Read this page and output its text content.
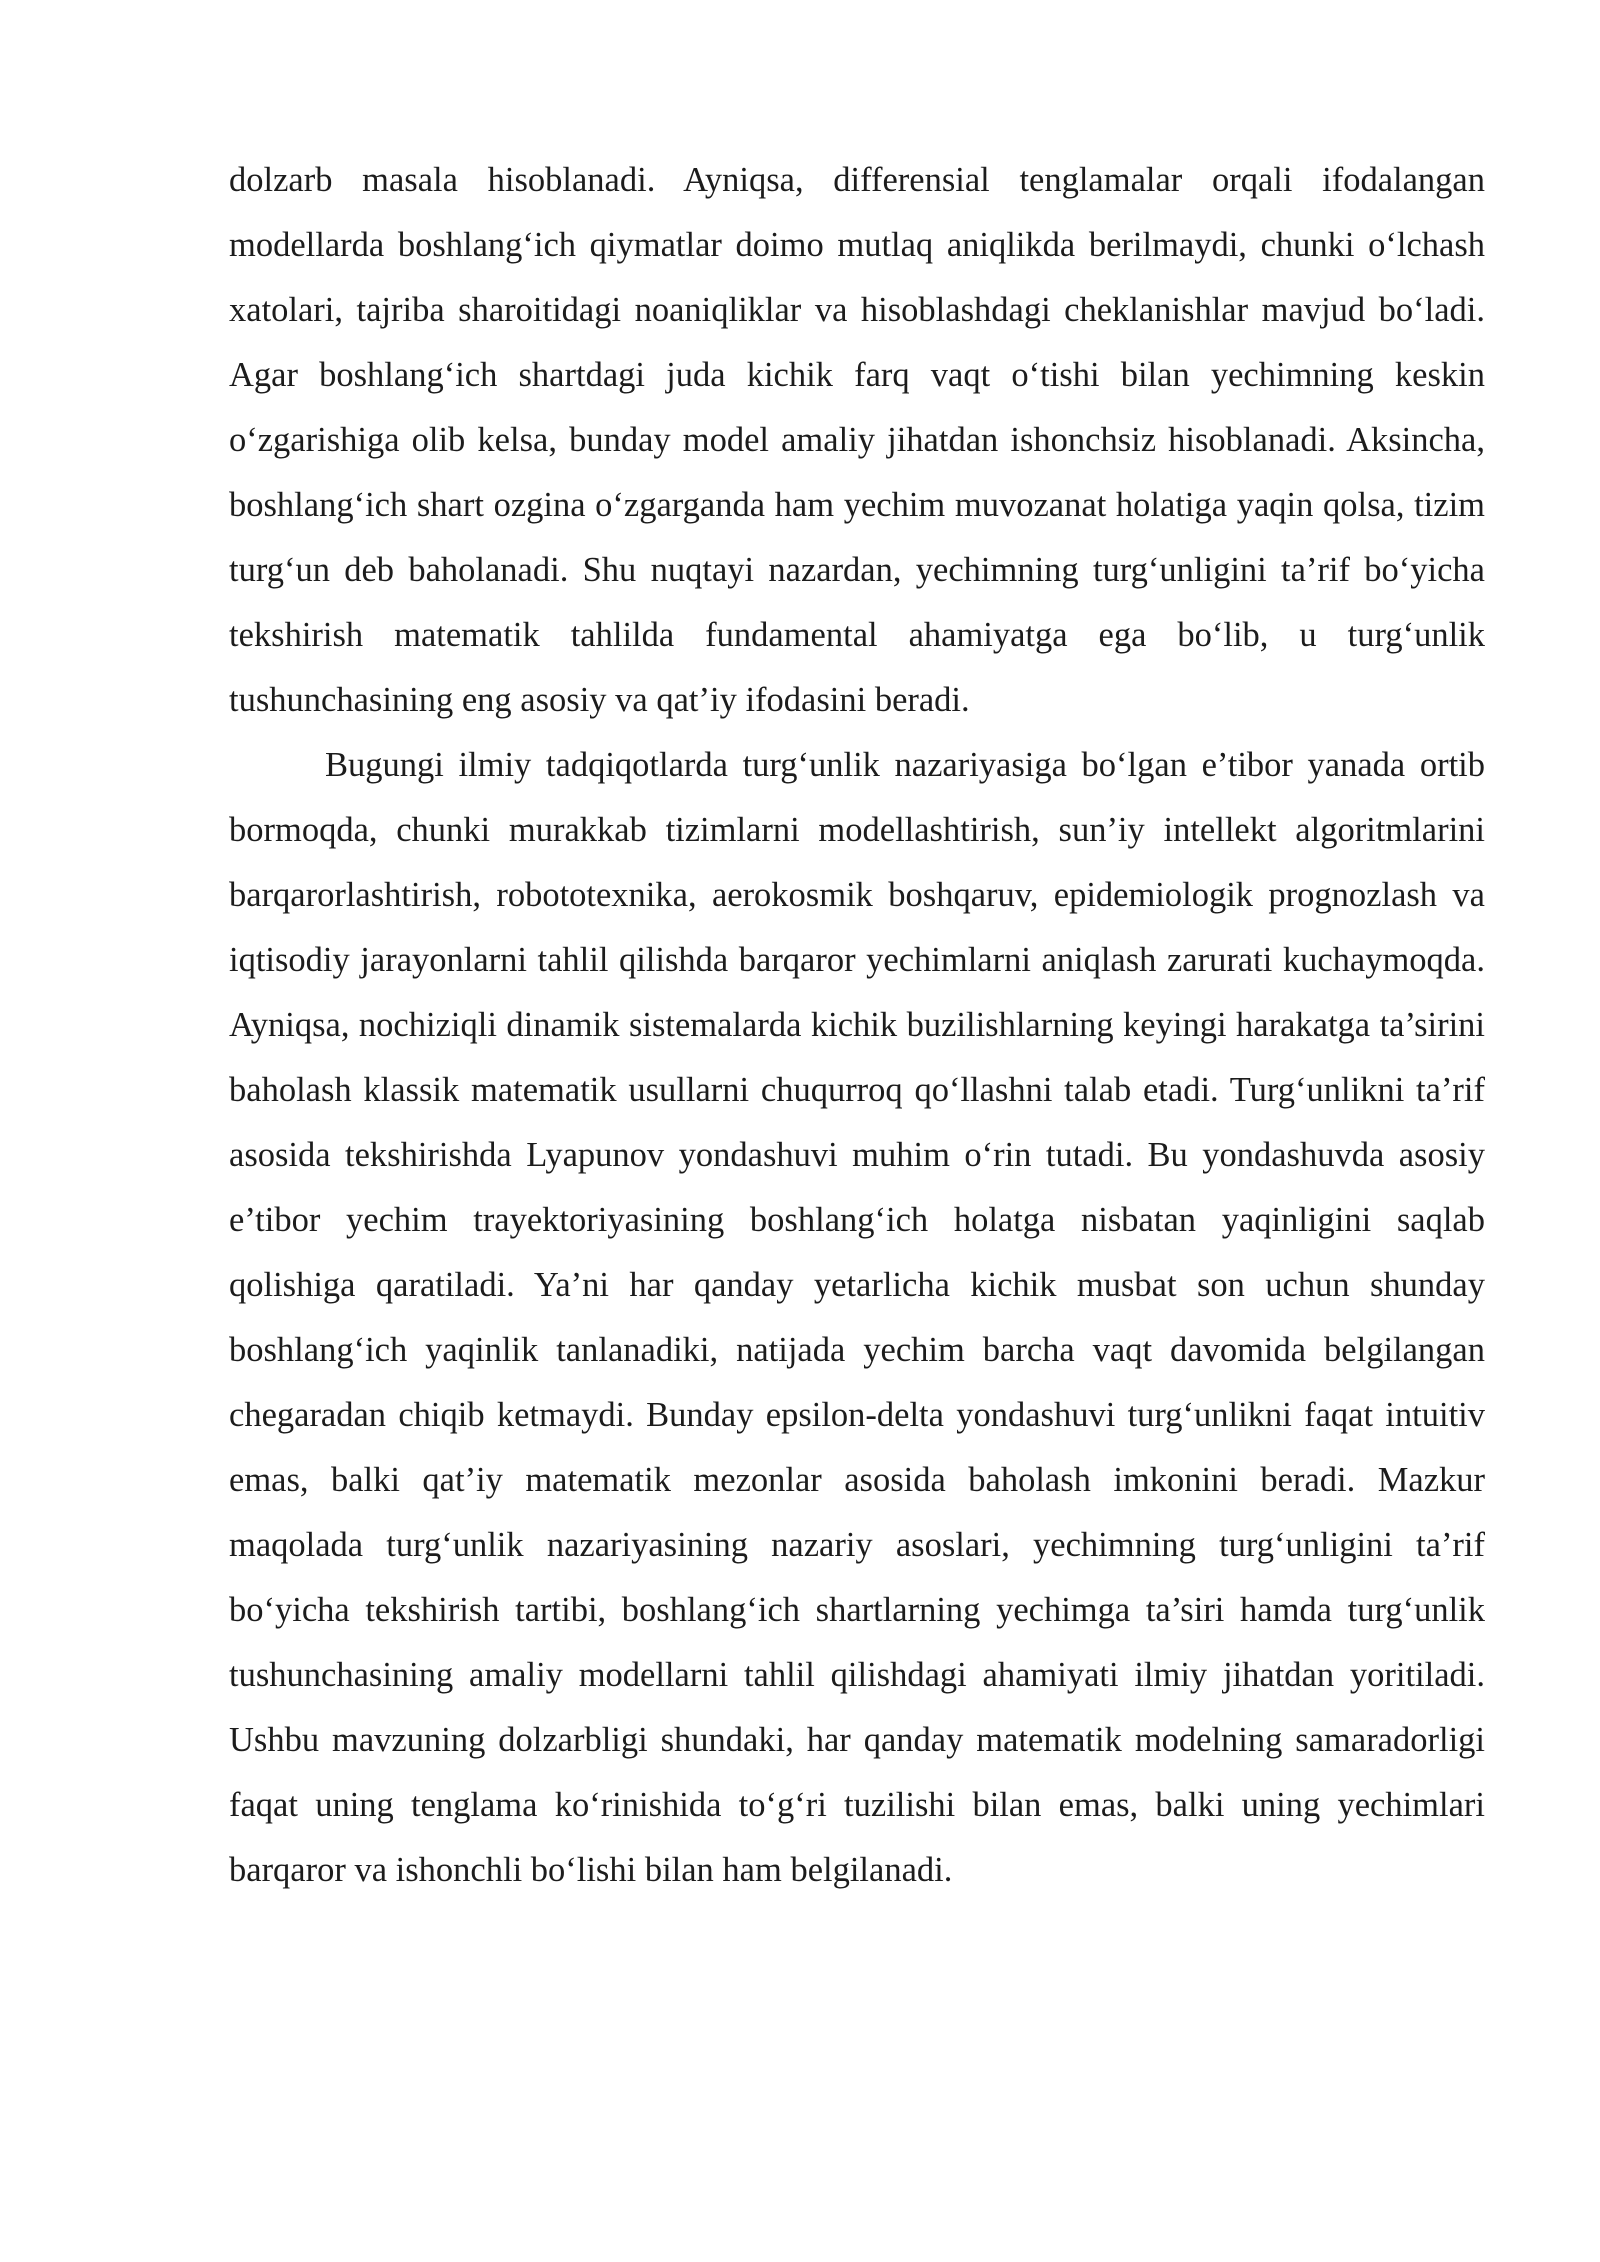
dolzarb masala hisoblanadi. Ayniqsa, differensial tenglamalar orqali ifodalangan modellarda boshlang‘ich qiymatlar doimo mutlaq aniqlikda berilmaydi, chunki o‘lchash xatolari, tajriba sharoitidagi noaniqliklar va hisoblashdagi cheklanishlar mavjud bo‘ladi. Agar boshlang‘ich shartdagi juda kichik farq vaqt o‘tishi bilan yechimning keskin o‘zgarishiga olib kelsa, bunday model amaliy jihatdan ishonchsiz hisoblanadi. Aksincha, boshlang‘ich shart ozgina o‘zgarganda ham yechim muvozanat holatiga yaqin qolsa, tizim turg‘un deb baholanadi. Shu nuqtayi nazardan, yechimning turg‘unligini ta’rif bo‘yicha tekshirish matematik tahlilda fundamental ahamiyatga ega bo‘lib, u turg‘unlik tushunchasining eng asosiy va qat’iy ifodasini beradi.

Bugungi ilmiy tadqiqotlarda turg‘unlik nazariyasiga bo‘lgan e’tibor yanada ortib bormoqda, chunki murakkab tizimlarni modellashtirish, sun’iy intellekt algoritmlarini barqarorlashtirish, robototexnika, aerokosmik boshqaruv, epidemiologik prognozlash va iqtisodiy jarayonlarni tahlil qilishda barqaror yechimlarni aniqlash zarurati kuchaymoqda. Ayniqsa, nochiziqli dinamik sistemalarda kichik buzilishlarning keyingi harakatga ta’sirini baholash klassik matematik usullarni chuqurroq qo‘llashni talab etadi. Turg‘unlikni ta’rif asosida tekshirishda Lyapunov yondashuvi muhim o‘rin tutadi. Bu yondashuvda asosiy e’tibor yechim trayektoriyasining boshlang‘ich holatga nisbatan yaqinligini saqlab qolishiga qaratiladi. Ya’ni har qanday yetarlicha kichik musbat son uchun shunday boshlang‘ich yaqinlik tanlanadiki, natijada yechim barcha vaqt davomida belgilangan chegaradan chiqib ketmaydi. Bunday epsilon-delta yondashuvi turg‘unlikni faqat intuitiv emas, balki qat’iy matematik mezonlar asosida baholash imkonini beradi. Mazkur maqolada turg‘unlik nazariyasining nazariy asoslari, yechimning turg‘unligini ta’rif bo‘yicha tekshirish tartibi, boshlang‘ich shartlarning yechimga ta’siri hamda turg‘unlik tushunchasining amaliy modellarni tahlil qilishdagi ahamiyati ilmiy jihatdan yoritiladi. Ushbu mavzuning dolzarbligi shundaki, har qanday matematik modelning samaradorligi faqat uning tenglama ko‘rinishida to‘g‘ri tuzilishi bilan emas, balki uning yechimlari barqaror va ishonchli bo‘lishi bilan ham belgilanadi.
